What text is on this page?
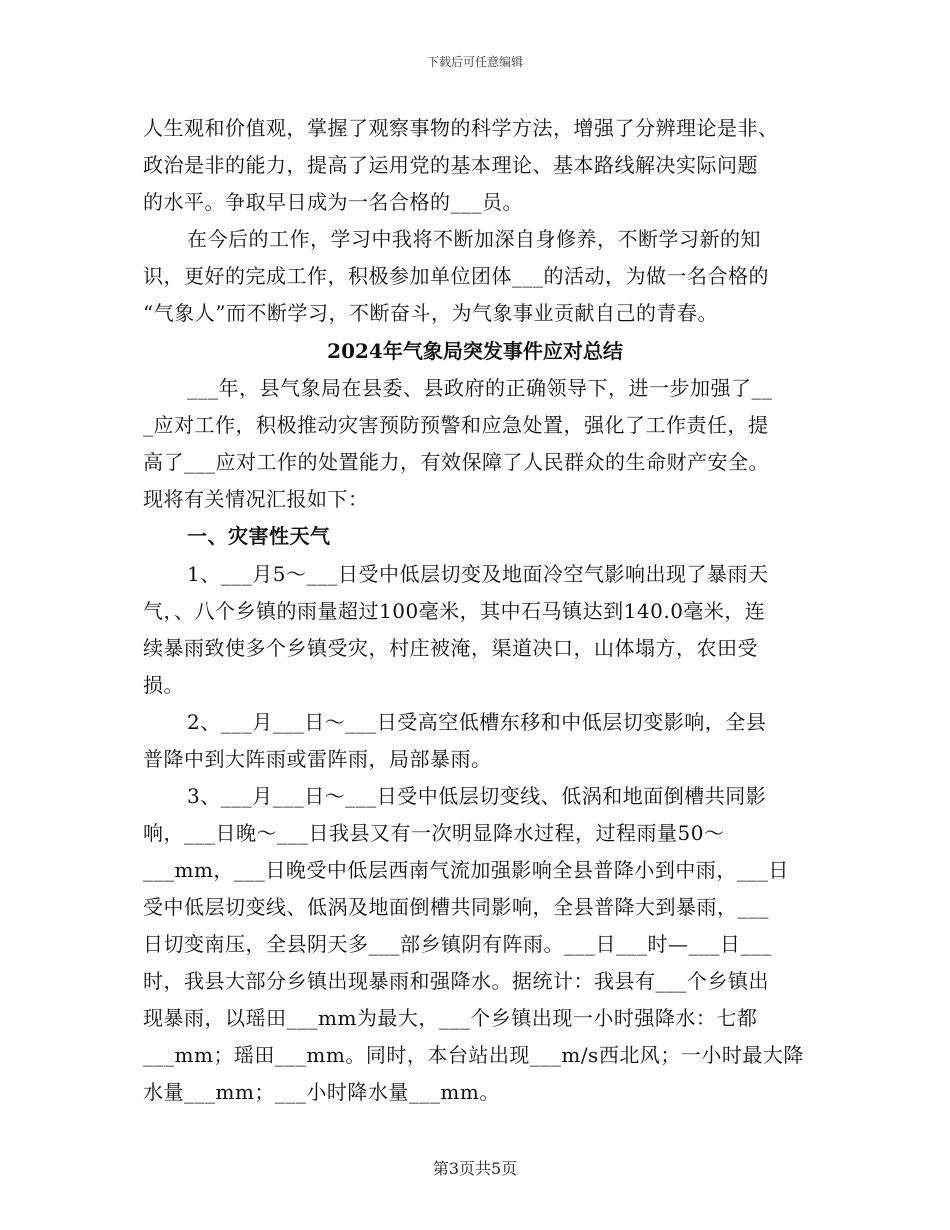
下载后可任意编辑
人生观和价值观，掌握了观察事物的科学方法，增强了分辨理论是非、
政治是非的能力，提高了运用党的基本理论、基本路线解决实际问题
的水平。争取早日成为一名合格的___员。
在今后的工作，学习中我将不断加深自身修养，不断学习新的知
识，更好的完成工作，积极参加单位团体___的活动，为做一名合格的
“气象人”而不断学习，不断奋斗，为气象事业贡献自己的青春。
2024年气象局突发事件应对总结
___年，县气象局在县委、县政府的正确领导下，进一步加强了__
_应对工作，积极推动灾害预防预警和应急处置，强化了工作责任，提
高了___应对工作的处置能力，有效保障了人民群众的生命财产安全。
现将有关情况汇报如下：
一、灾害性天气
1、___月5～___日受中低层切变及地面冷空气影响出现了暴雨天
气，、八个乡镇的雨量超过100毫米，其中石马镇达到140.0毫米，连
续暴雨致使多个乡镇受灾，村庄被淹，渠道决口，山体塌方，农田受
损。
2、___月___日～___日受高空低槽东移和中低层切变影响，全县
普降中到大阵雨或雷阵雨，局部暴雨。
3、___月___日～___日受中低层切变线、低涡和地面倒槽共同影
响，___日晚～___日我县又有一次明显降水过程，过程雨量50～
___mm，___日晚受中低层西南气流加强影响全县普降小到中雨，___日
受中低层切变线、低涡及地面倒槽共同影响，全县普降大到暴雨，___
日切变南压，全县阴天多___部乡镇阴有阵雨。___日___时—___日___
时，我县大部分乡镇出现暴雨和强降水。据统计：我县有___个乡镇出
现暴雨，以瑶田___mm为最大，___个乡镇出现一小时强降水：七都
___mm；瑶田___mm。同时，本台站出现___m/s西北风；一小时最大降
水量___mm；___小时降水量___mm。
第3页共5页
